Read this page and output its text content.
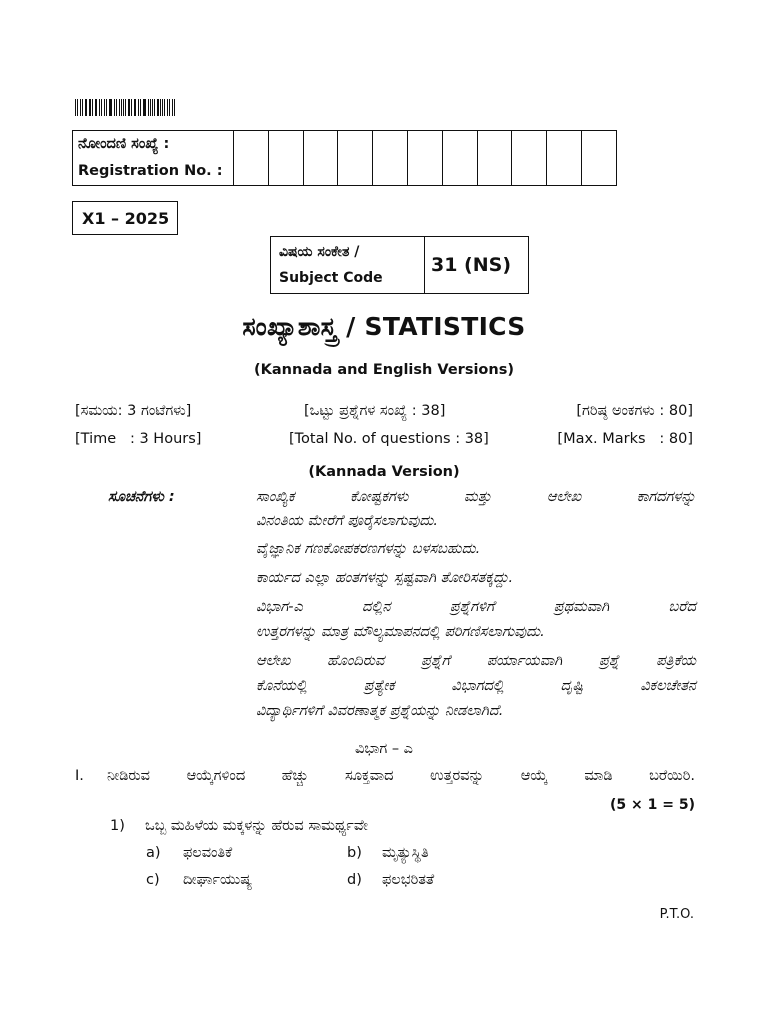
ನೋಂದಣಿ ಸಂಖ್ಯೆ :
Registration No. :

X1 – 2025
ವಿಷಯ ಸಂಕೇತ /
Subject Code
	31 (NS)
ಸಂಖ್ಯಾಶಾಸ್ತ್ರ / STATISTICS
(Kannada and English Versions)
[ಸಮಯ: 3 ಗಂಟೆಗಳು]	[ಒಟ್ಟು ಪ್ರಶ್ನೆಗಳ ಸಂಖ್ಯೆ : 38]	[ಗರಿಷ್ಠ ಅಂಕಗಳು : 80]
[Time   : 3 Hours]	[Total No. of questions : 38]	[Max. Marks   : 80]
(Kannada Version)
ಸೂಚನೆಗಳು :	ಸಾಂಖ್ಯಿಕ ಕೋಷ್ಟಕಗಳು ಮತ್ತು ಆಲೇಖ ಕಾಗದಗಳನ್ನು
ವಿನಂತಿಯ ಮೇರೆಗೆ ಪೂರೈಸಲಾಗುವುದು.
ವೈಜ್ಞಾನಿಕ ಗಣಕೋಪಕರಣಗಳನ್ನು ಬಳಸಬಹುದು.
ಕಾರ್ಯದ ಎಲ್ಲಾ ಹಂತಗಳನ್ನು ಸ್ಪಷ್ಟವಾಗಿ ತೋರಿಸತಕ್ಕದ್ದು.
ವಿಭಾಗ-ಎ ದಲ್ಲಿನ ಪ್ರಶ್ನೆಗಳಿಗೆ ಪ್ರಥಮವಾಗಿ ಬರೆದ
ಉತ್ತರಗಳನ್ನು ಮಾತ್ರ ಮೌಲ್ಯಮಾಪನದಲ್ಲಿ ಪರಿಗಣಿಸಲಾಗುವುದು.
ಆಲೇಖ ಹೊಂದಿರುವ ಪ್ರಶ್ನೆಗೆ ಪರ್ಯಾಯವಾಗಿ ಪ್ರಶ್ನೆ ಪತ್ರಿಕೆಯ
ಕೊನೆಯಲ್ಲಿ ಪ್ರತ್ಯೇಕ ವಿಭಾಗದಲ್ಲಿ ದೃಷ್ಟಿ ವಿಕಲಚೇತನ
ವಿದ್ಯಾರ್ಥಿಗಳಿಗೆ ವಿವರಣಾತ್ಮಕ ಪ್ರಶ್ನೆಯನ್ನು ನೀಡಲಾಗಿದೆ.
ವಿಭಾಗ – ಎ
I. ನೀಡಿರುವ ಆಯ್ಕೆಗಳಿಂದ ಹೆಚ್ಚು ಸೂಕ್ತವಾದ ಉತ್ತರವನ್ನು ಆಯ್ಕೆ ಮಾಡಿ ಬರೆಯಿರಿ.
(5 × 1 = 5)
1) ಒಬ್ಬ ಮಹಿಳೆಯ ಮಕ್ಕಳನ್ನು ಹೆರುವ ಸಾಮರ್ಥ್ಯವೇ
a) ಫಲವಂತಿಕೆ	b) ಮೃತ್ಯುಸ್ಥಿತಿ
c) ದೀರ್ಘಾಯುಷ್ಯ	d) ಫಲಭರಿತತೆ
P.T.O.
